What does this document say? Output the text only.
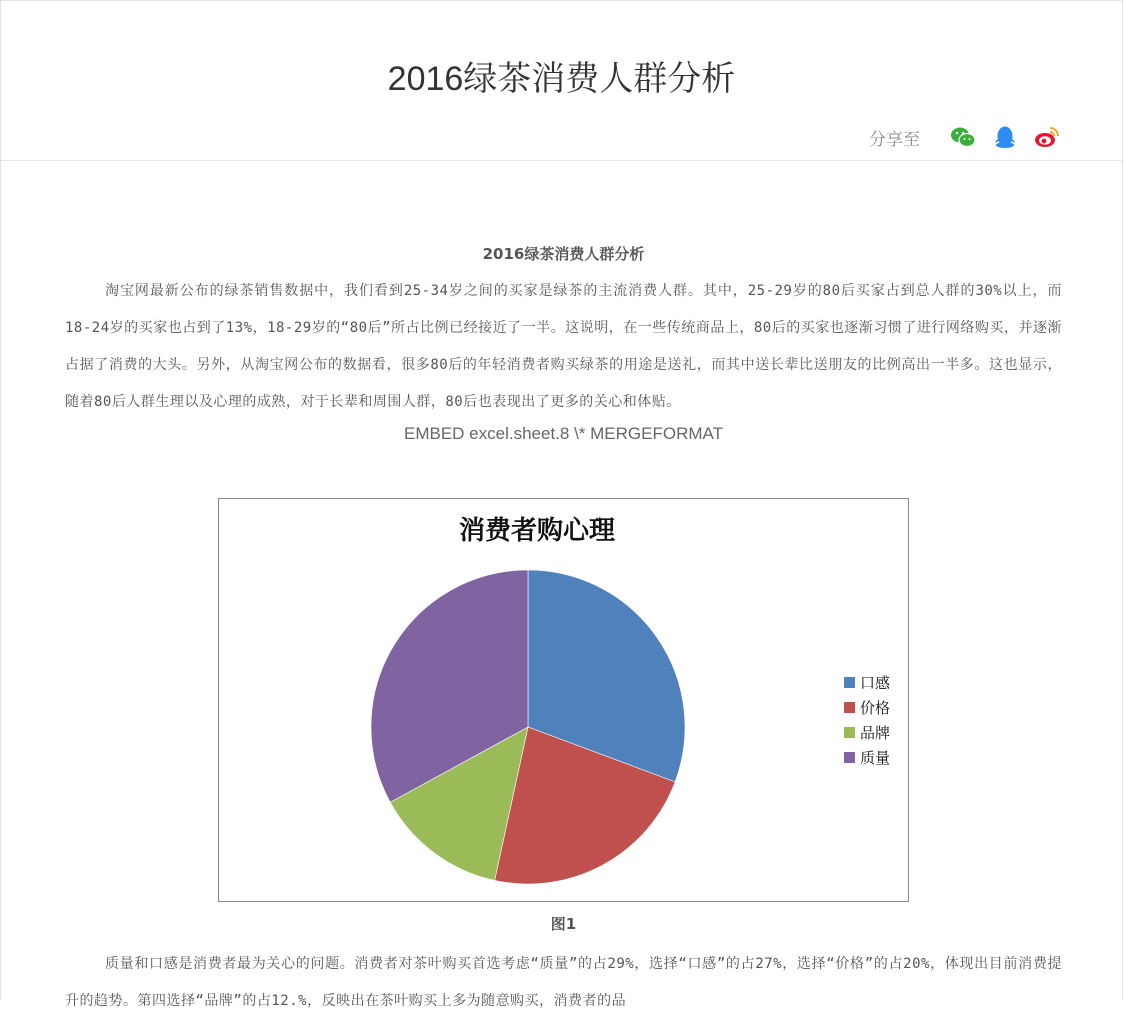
2016绿茶消费人群分析
分享至
2016绿茶消费人群分析
淘宝网最新公布的绿茶销售数据中，我们看到25-34岁之间的买家是绿茶的主流消费人群。其中，25-29岁的80后买家占到总人群的30%以上，而18-24岁的买家也占到了13%，18-29岁的“80后”所占比例已经接近了一半。这说明，在一些传统商品上，80后的买家也逐渐习惯了进行网络购买，并逐渐占据了消费的大头。另外，从淘宝网公布的数据看，很多80后的年轻消费者购买绿茶的用途是送礼，而其中送长辈比送朋友的比例高出一半多。这也显示，随着80后人群生理以及心理的成熟，对于长辈和周围人群，80后也表现出了更多的关心和体贴。
EMBED excel.sheet.8 \* MERGEFORMAT
消费者购心理
口感
价格
品牌
质量
图1
质量和口感是消费者最为关心的问题。消费者对茶叶购买首选考虑“质量”的占29%，选择“口感”的占27%，选择“价格”的占20%，体现出目前消费提升的趋势。第四选择“品牌”的占12.%，反映出在茶叶购买上多为随意购买，消费者的品
